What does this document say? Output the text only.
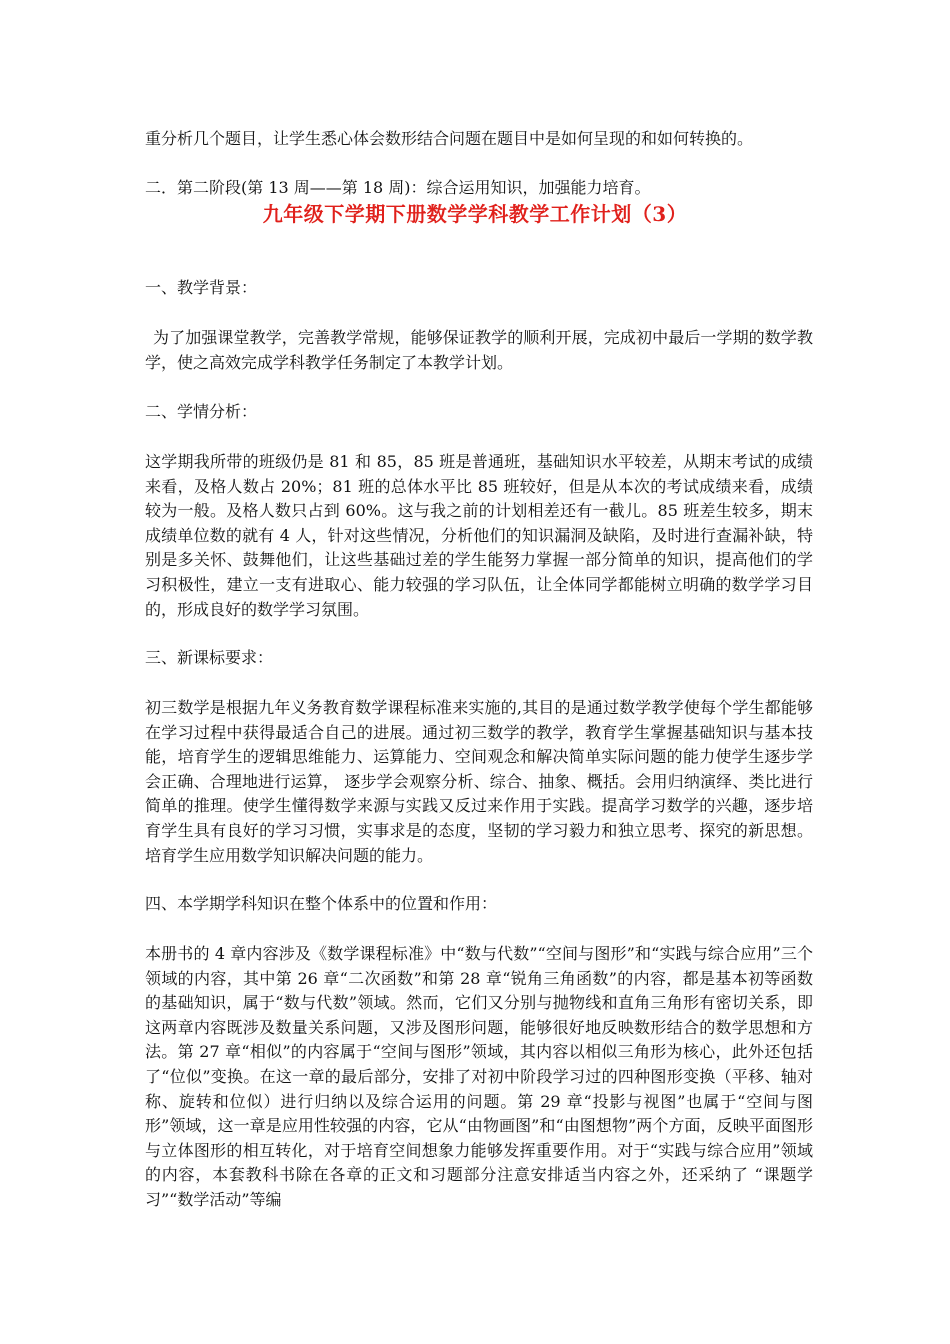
重分析几个题目，让学生悉心体会数形结合问题在题目中是如何呈现的和如何转换的。

二．第二阶段(第 13 周——第 18 周)：综合运用知识，加强能力培育。

九年级下学期下册数学学科教学工作计划（3）

一、教学背景：

为了加强课堂教学，完善教学常规，能够保证教学的顺利开展，完成初中最后一学期的数学教学，使之高效完成学科教学任务制定了本教学计划。

二、学情分析：

这学期我所带的班级仍是 81 和 85，85 班是普通班，基础知识水平较差，从期末考试的成绩来看，及格人数占 20%；81 班的总体水平比 85 班较好，但是从本次的考试成绩来看，成绩较为一般。及格人数只占到 60%。这与我之前的计划相差还有一截儿。85 班差生较多，期末成绩单位数的就有 4 人，针对这些情况，分析他们的知识漏洞及缺陷，及时进行查漏补缺，特别是多关怀、鼓舞他们，让这些基础过差的学生能努力掌握一部分简单的知识，提高他们的学习积极性，建立一支有进取心、能力较强的学习队伍，让全体同学都能树立明确的数学学习目的，形成良好的数学学习氛围。

三、新课标要求：

初三数学是根据九年义务教育数学课程标准来实施的,其目的是通过数学教学使每个学生都能够在学习过程中获得最适合自己的进展。通过初三数学的教学，教育学生掌握基础知识与基本技能，培育学生的逻辑思维能力、运算能力、空间观念和解决简单实际问题的能力使学生逐步学会正确、合理地进行运算， 逐步学会观察分析、综合、抽象、概括。会用归纳演绎、类比进行简单的推理。使学生懂得数学来源与实践又反过来作用于实践。提高学习数学的兴趣，逐步培育学生具有良好的学习习惯，实事求是的态度，坚韧的学习毅力和独立思考、探究的新思想。培育学生应用数学知识解决问题的能力。

四、本学期学科知识在整个体系中的位置和作用：

本册书的 4 章内容涉及《数学课程标准》中“数与代数”“空间与图形”和“实践与综合应用”三个领域的内容，其中第 26 章“二次函数”和第 28 章“锐角三角函数”的内容，都是基本初等函数的基础知识，属于“数与代数”领域。然而，它们又分别与抛物线和直角三角形有密切关系，即这两章内容既涉及数量关系问题，又涉及图形问题，能够很好地反映数形结合的数学思想和方法。第 27 章“相似”的内容属于“空间与图形”领域，其内容以相似三角形为核心，此外还包括了“位似”变换。在这一章的最后部分，安排了对初中阶段学习过的四种图形变换（平移、轴对称、旋转和位似）进行归纳以及综合运用的问题。第 29 章“投影与视图”也属于“空间与图形”领域，这一章是应用性较强的内容，它从“由物画图”和“由图想物”两个方面，反映平面图形与立体图形的相互转化，对于培育空间想象力能够发挥重要作用。对于“实践与综合应用”领域的内容，本套教科书除在各章的正文和习题部分注意安排适当内容之外，还采纳了 “课题学习”“数学活动”等编
